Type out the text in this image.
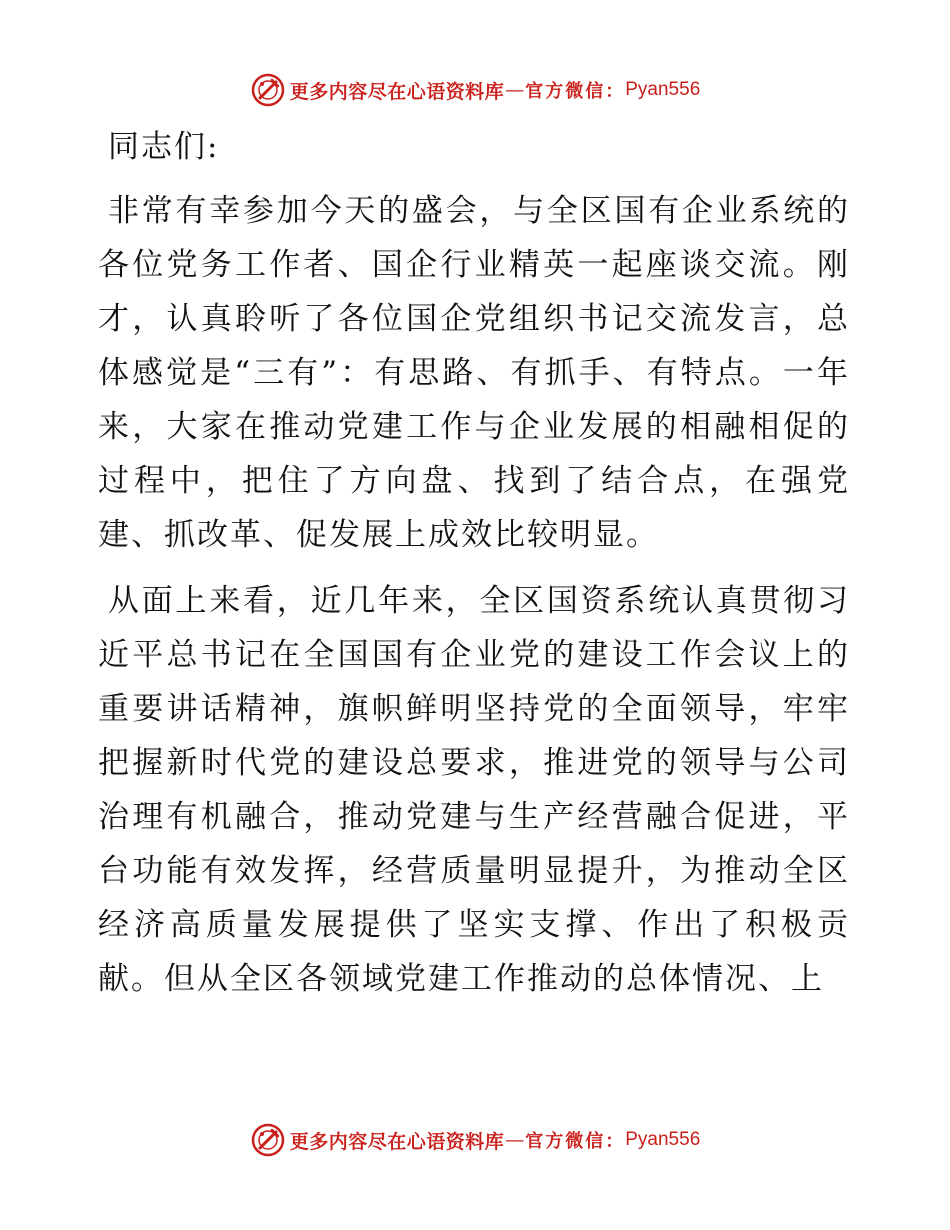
更多内容尽在心语资料库 — 官方微信： Pyan556

同志们:

非常有幸参加今天的盛会，与全区国有企业系统的各位党务工作者、国企行业精英一起座谈交流。刚才，认真聆听了各位国企党组织书记交流发言，总体感觉是“三有”：有思路、有抓手、有特点。一年来，大家在推动党建工作与企业发展的相融相促的过程中，把住了方向盘、找到了结合点，在强党建、抓改革、促发展上成效比较明显。

从面上来看，近几年来，全区国资系统认真贯彻习近平总书记在全国国有企业党的建设工作会议上的重要讲话精神，旗帜鲜明坚持党的全面领导，牢牢把握新时代党的建设总要求，推进党的领导与公司治理有机融合，推动党建与生产经营融合促进，平台功能有效发挥，经营质量明显提升，为推动全区经济高质量发展提供了坚实支撑、作出了积极贡献。但从全区各领域党建工作推动的总体情况、上

更多内容尽在心语资料库 — 官方微信： Pyan556
